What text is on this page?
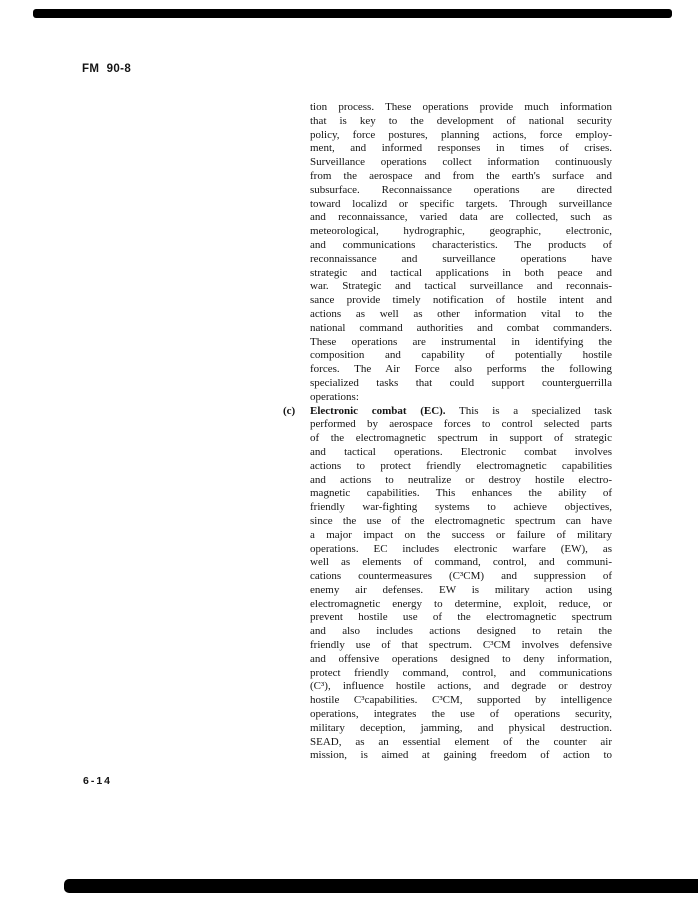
FM  90-8
tion process. These operations provide much information
that is key to the development of national security
policy, force postures, planning actions, force employ-
ment, and informed responses in times of crises.
Surveillance operations collect information continuously
from the aerospace and from the earth's surface and
subsurface. Reconnaissance operations are directed
toward localizd or specific targets. Through surveillance
and reconnaissance, varied data are collected, such as
meteorological, hydrographic, geographic, electronic,
and communications characteristics. The products of
reconnaissance and surveillance operations have
strategic and tactical applications in both peace and
war. Strategic and tactical surveillance and reconnais-
sance provide timely notification of hostile intent and
actions as well as other information vital to the
national command authorities and combat commanders.
These operations are instrumental in identifying the
composition and capability of potentially hostile
forces. The Air Force also performs the following
specialized tasks that could support counterguerrilla
operations:
(c) Electronic combat (EC). This is a specialized task
performed by aerospace forces to control selected parts
of the electromagnetic spectrum in support of strategic
and tactical operations. Electronic combat involves
actions to protect friendly electromagnetic capabilities
and actions to neutralize or destroy hostile electro-
magnetic capabilities. This enhances the ability of
friendly war-fighting systems to achieve objectives,
since the use of the electromagnetic spectrum can have
a major impact on the success or failure of military
operations. EC includes electronic warfare (EW), as
well as elements of command, control, and communi-
cations countermeasures (C³CM) and suppression of
enemy air defenses. EW is military action using
electromagnetic energy to determine, exploit, reduce, or
prevent hostile use of the electromagnetic spectrum
and also includes actions designed to retain the
friendly use of that spectrum. C³CM involves defensive
and offensive operations designed to deny information,
protect friendly command, control, and communications
(C³), influence hostile actions, and degrade or destroy
hostile C³capabilities. C³CM, supported by intelligence
operations, integrates the use of operations security,
military deception, jamming, and physical destruction.
SEAD, as an essential element of the counter air
mission, is aimed at gaining freedom of action to
6-14
